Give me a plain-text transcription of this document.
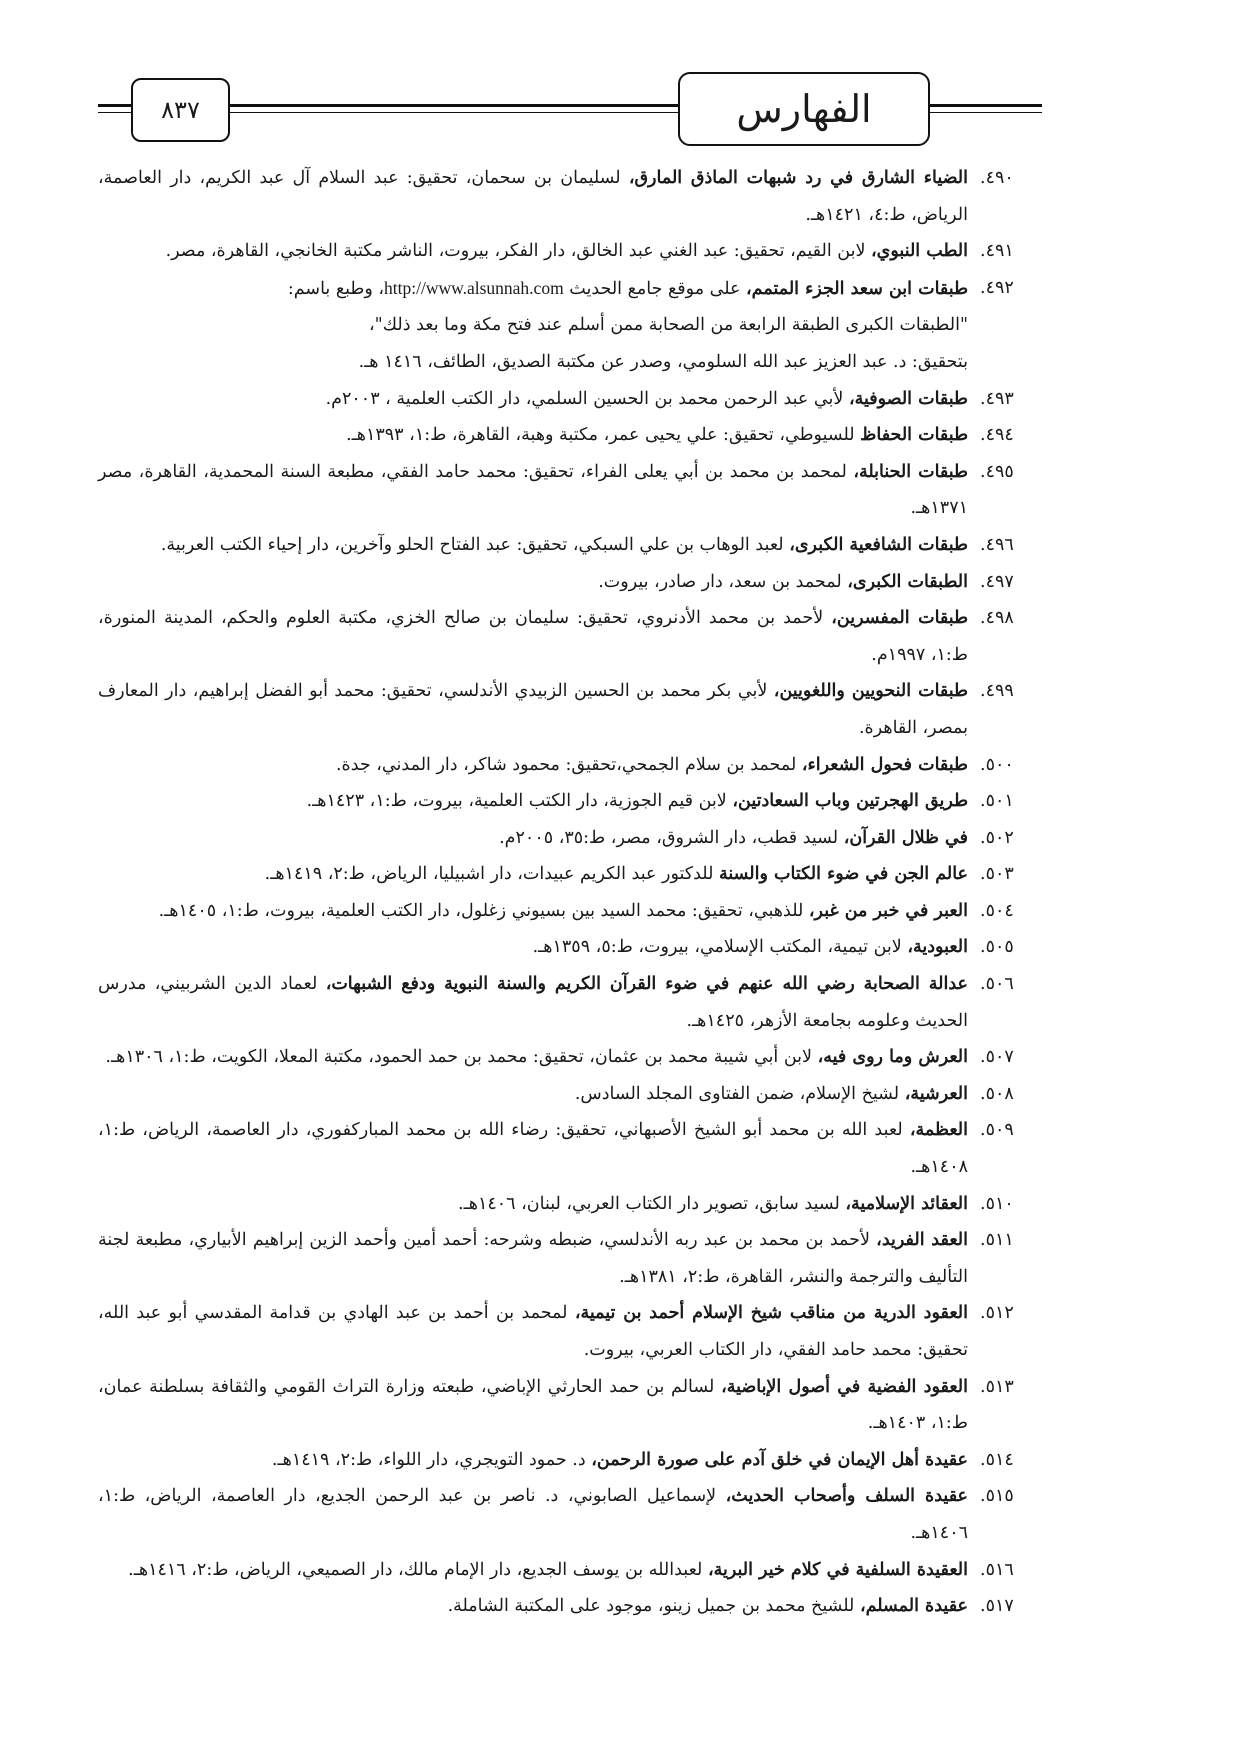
٨٣٧	الفهارس
٤٩٠.
الضياء الشارق في رد شبهات الماذق المارق، لسليمان بن سحمان، تحقيق: عبد السلام آل عبد الكريم، دار العاصمة، الرياض، ط:٤، ١٤٢١هـ.
٤٩١.
الطب النبوي، لابن القيم، تحقيق: عبد الغني عبد الخالق، دار الفكر، بيروت، الناشر مكتبة الخانجي، القاهرة، مصر.
٤٩٢.
طبقات ابن سعد الجزء المتمم، على موقع جامع الحديث http://www.alsunnah.com، وطبع باسم:
"الطبقات الكبرى الطبقة الرابعة من الصحابة ممن أسلم عند فتح مكة وما بعد ذلك"،
بتحقيق: د. عبد العزيز عبد الله السلومي، وصدر عن مكتبة الصديق، الطائف، ١٤١٦ هـ.
٤٩٣.
طبقات الصوفية، لأبي عبد الرحمن محمد بن الحسين السلمي، دار الكتب العلمية ، ٢٠٠٣م.
٤٩٤.
طبقات الحفاظ للسيوطي، تحقيق: علي يحيى عمر، مكتبة وهبة، القاهرة، ط:١، ١٣٩٣هـ.
٤٩٥.
طبقات الحنابلة، لمحمد بن محمد بن أبي يعلى الفراء، تحقيق: محمد حامد الفقي، مطبعة السنة المحمدية، القاهرة، مصر ١٣٧١هـ.
٤٩٦.
طبقات الشافعية الكبرى، لعبد الوهاب بن علي السبكي، تحقيق: عبد الفتاح الحلو وآخرين، دار إحياء الكتب العربية.
٤٩٧.
الطبقات الكبرى، لمحمد بن سعد، دار صادر، بيروت.
٤٩٨.
طبقات المفسرين، لأحمد بن محمد الأدنروي، تحقيق: سليمان بن صالح الخزي، مكتبة العلوم والحكم، المدينة المنورة، ط:١، ١٩٩٧م.
٤٩٩.
طبقات النحويين واللغويين، لأبي بكر محمد بن الحسين الزبيدي الأندلسي، تحقيق: محمد أبو الفضل إبراهيم، دار المعارف بمصر، القاهرة.
٥٠٠.
طبقات فحول الشعراء، لمحمد بن سلام الجمحي،تحقيق: محمود شاكر، دار المدني، جدة.
٥٠١.
طريق الهجرتين وباب السعادتين، لابن قيم الجوزية، دار الكتب العلمية، بيروت، ط:١، ١٤٢٣هـ.
٥٠٢.
في ظلال القرآن، لسيد قطب، دار الشروق، مصر، ط:٣٥، ٢٠٠٥م.
٥٠٣.
عالم الجن في ضوء الكتاب والسنة للدكتور عبد الكريم عبيدات، دار اشبيليا، الرياض، ط:٢، ١٤١٩هـ.
٥٠٤.
العبر في خبر من غبر، للذهبي، تحقيق: محمد السيد بين بسيوني زغلول، دار الكتب العلمية، بيروت، ط:١، ١٤٠٥هـ.
٥٠٥.
العبودية، لابن تيمية، المكتب الإسلامي، بيروت، ط:٥، ١٣٥٩هـ.
٥٠٦.
عدالة الصحابة رضي الله عنهم في ضوء القرآن الكريم والسنة النبوية ودفع الشبهات، لعماد الدين الشربيني، مدرس الحديث وعلومه بجامعة الأزهر، ١٤٢٥هـ.
٥٠٧.
العرش وما روى فيه، لابن أبي شيبة محمد بن عثمان، تحقيق: محمد بن حمد الحمود، مكتبة المعلا، الكويت، ط:١، ١٣٠٦هـ.
٥٠٨.
العرشية، لشيخ الإسلام، ضمن الفتاوى المجلد السادس.
٥٠٩.
العظمة، لعبد الله بن محمد أبو الشيخ الأصبهاني، تحقيق: رضاء الله بن محمد المباركفوري، دار العاصمة، الرياض، ط:١، ١٤٠٨هـ.
٥١٠.
العقائد الإسلامية، لسيد سابق، تصوير دار الكتاب العربي، لبنان، ١٤٠٦هـ.
٥١١.
العقد الفريد، لأحمد بن محمد بن عبد ربه الأندلسي، ضبطه وشرحه: أحمد أمين وأحمد الزين إبراهيم الأبياري، مطبعة لجنة التأليف والترجمة والنشر، القاهرة، ط:٢، ١٣٨١هـ.
٥١٢.
العقود الدرية من مناقب شيخ الإسلام أحمد بن تيمية، لمحمد بن أحمد بن عبد الهادي بن قدامة المقدسي أبو عبد الله، تحقيق: محمد حامد الفقي، دار الكتاب العربي، بيروت.
٥١٣.
العقود الفضية في أصول الإباضية، لسالم بن حمد الحارثي الإباضي، طبعته وزارة التراث القومي والثقافة بسلطنة عمان، ط:١، ١٤٠٣هـ.
٥١٤.
عقيدة أهل الإيمان في خلق آدم على صورة الرحمن، د. حمود التويجري، دار اللواء، ط:٢، ١٤١٩هـ.
٥١٥.
عقيدة السلف وأصحاب الحديث، لإسماعيل الصابوني، د. ناصر بن عبد الرحمن الجديع، دار العاصمة، الرياض، ط:١، ١٤٠٦هـ.
٥١٦.
العقيدة السلفية في كلام خير البرية، لعبدالله بن يوسف الجديع، دار الإمام مالك، دار الصميعي، الرياض، ط:٢، ١٤١٦هـ.
٥١٧.
عقيدة المسلم، للشيخ محمد بن جميل زينو، موجود على المكتبة الشاملة.
